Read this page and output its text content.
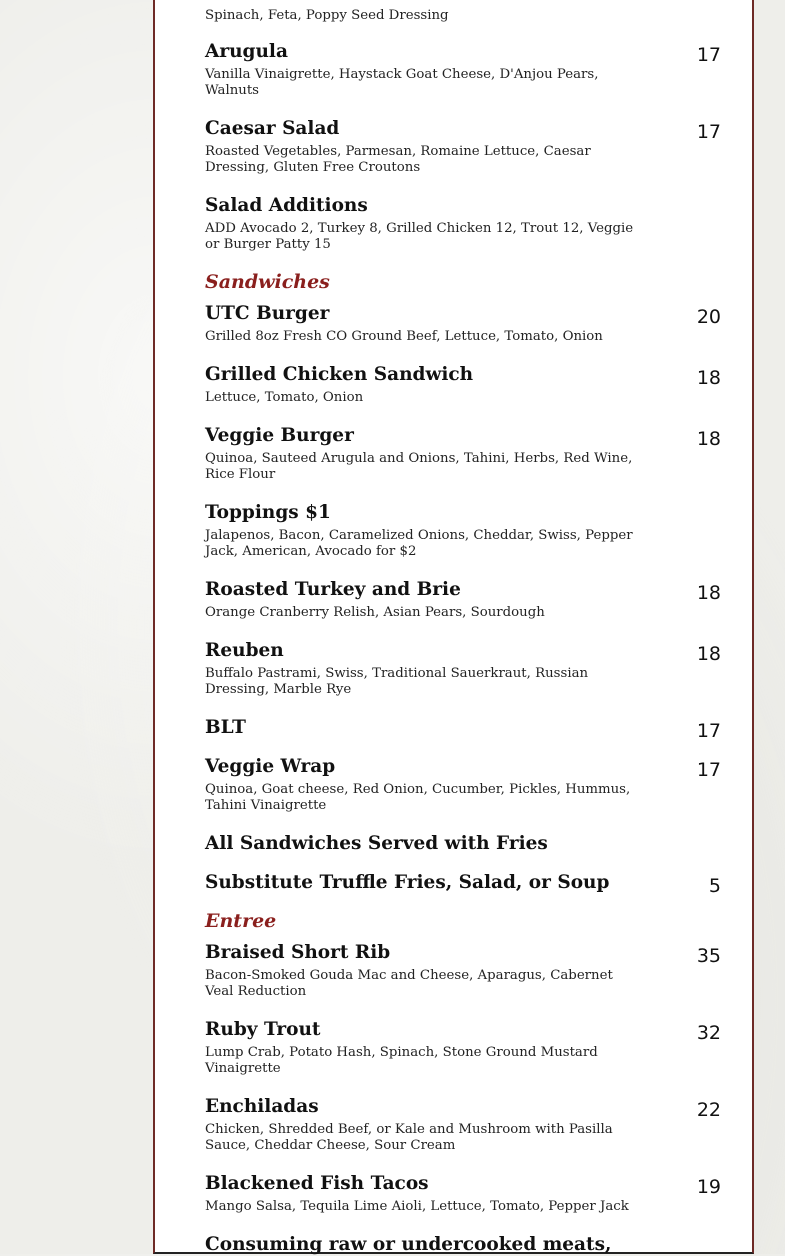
Spinach, Feta, Poppy Seed Dressing
Arugula
Vanilla Vinaigrette, Haystack Goat Cheese, D'Anjou Pears, Walnuts
17
Caesar Salad
Roasted Vegetables, Parmesan, Romaine Lettuce, Caesar Dressing, Gluten Free Croutons
17
Salad Additions
ADD Avocado 2, Turkey 8, Grilled Chicken 12, Trout 12, Veggie or Burger Patty 15
Sandwiches
UTC Burger
Grilled 8oz Fresh CO Ground Beef, Lettuce, Tomato, Onion
20
Grilled Chicken Sandwich
Lettuce, Tomato, Onion
18
Veggie Burger
Quinoa, Sauteed Arugula and Onions, Tahini, Herbs, Red Wine, Rice Flour
18
Toppings $1
Jalapenos, Bacon, Caramelized Onions, Cheddar, Swiss, Pepper Jack, American, Avocado for $2
Roasted Turkey and Brie
Orange Cranberry Relish, Asian Pears, Sourdough
18
Reuben
Buffalo Pastrami, Swiss, Traditional Sauerkraut, Russian Dressing, Marble Rye
18
BLT	17
Veggie Wrap
Quinoa, Goat cheese, Red Onion, Cucumber, Pickles, Hummus, Tahini Vinaigrette
17
All Sandwiches Served with Fries
Substitute Truffle Fries, Salad, or Soup	5
Entree
Braised Short Rib
Bacon-Smoked Gouda Mac and Cheese, Aparagus, Cabernet Veal Reduction
35
Ruby Trout
Lump Crab, Potato Hash, Spinach, Stone Ground Mustard Vinaigrette
32
Enchiladas
Chicken, Shredded Beef, or Kale and Mushroom with Pasilla Sauce, Cheddar Cheese, Sour Cream
22
Blackened Fish Tacos
Mango Salsa, Tequila Lime Aioli, Lettuce, Tomato, Pepper Jack
19
Consuming raw or undercooked meats,
